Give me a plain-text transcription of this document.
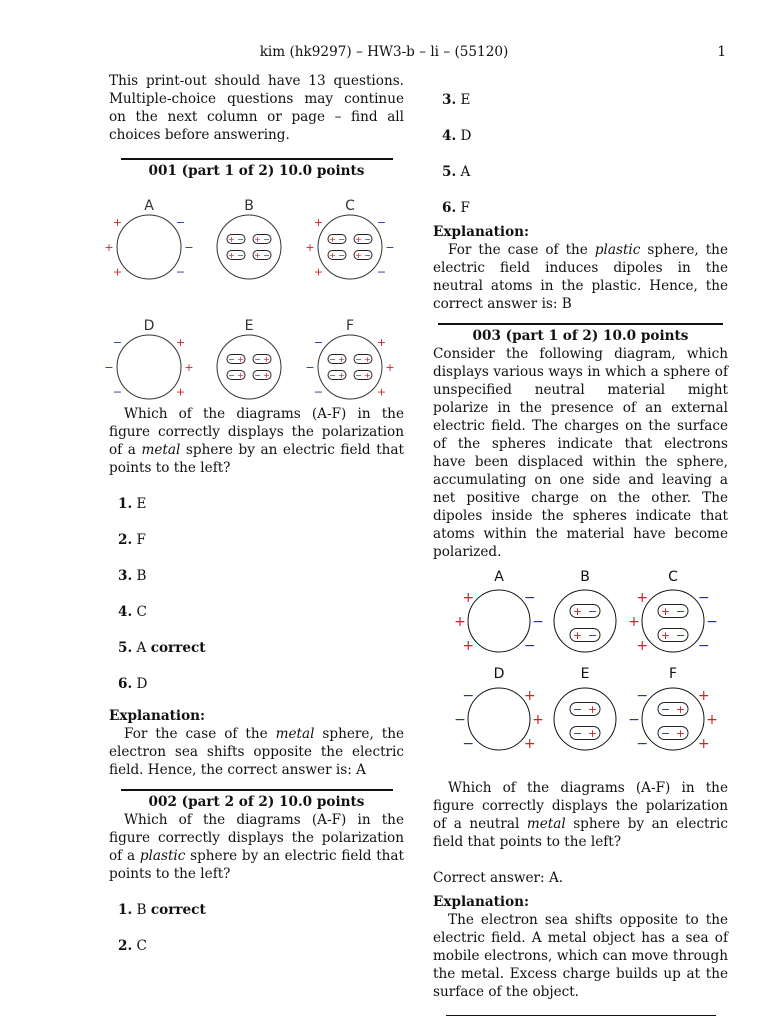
kim (hk9297) – HW3-b – li – (55120)	1

This print-out should have 13 questions. Multiple-choice questions may continue on the next column or page – find all choices before answering.

001 (part 1 of 2) 10.0 points
A	B	C
D	E	F
+	−
+	−
+	−
+	−
+	−
+	−
−	+
−	+
−	+
−	+
−	+
−	+
+ − + −
+ − + −
+ − + −
+ − + −
− + − +
− + − +
− + − +
− + − +

Which of the diagrams (A-F) in the figure correctly displays the polarization of a metal sphere by an electric field that points to the left?

1. E
2. F
3. B
4. C
5. A correct
6. D
Explanation:

For the case of the metal sphere, the electron sea shifts opposite the electric field. Hence, the correct answer is: A

002 (part 2 of 2) 10.0 points

Which of the diagrams (A-F) in the figure correctly displays the polarization of a plastic sphere by an electric field that points to the left?

1. B correct
2. C
3. E
4. D
5. A
6. F
Explanation:

For the case of the plastic sphere, the electric field induces dipoles in the neutral atoms in the plastic. Hence, the correct answer is: B

003 (part 1 of 2) 10.0 points

Consider the following diagram, which displays various ways in which a sphere of unspecified neutral material might polarize in the presence of an external electric field. The charges on the surface of the spheres indicate that electrons have been displaced within the sphere, accumulating on one side and leaving a net positive charge on the other. The dipoles inside the spheres indicate that atoms within the material have become polarized.

A	B	C
D	E	F
+	−
+	−
+	−
+	−
+	−
+	−
−	+
−	+
−	+
−	+
−	+
−	+
+ −
+ −
+ −
+ −
− +
− +
− +
− +

Which of the diagrams (A-F) in the figure correctly displays the polarization of a neutral metal sphere by an electric field that points to the left?

Correct answer: A.

Explanation:

The electron sea shifts opposite to the electric field. A metal object has a sea of mobile electrons, which can move through the metal. Excess charge builds up at the surface of the object.
